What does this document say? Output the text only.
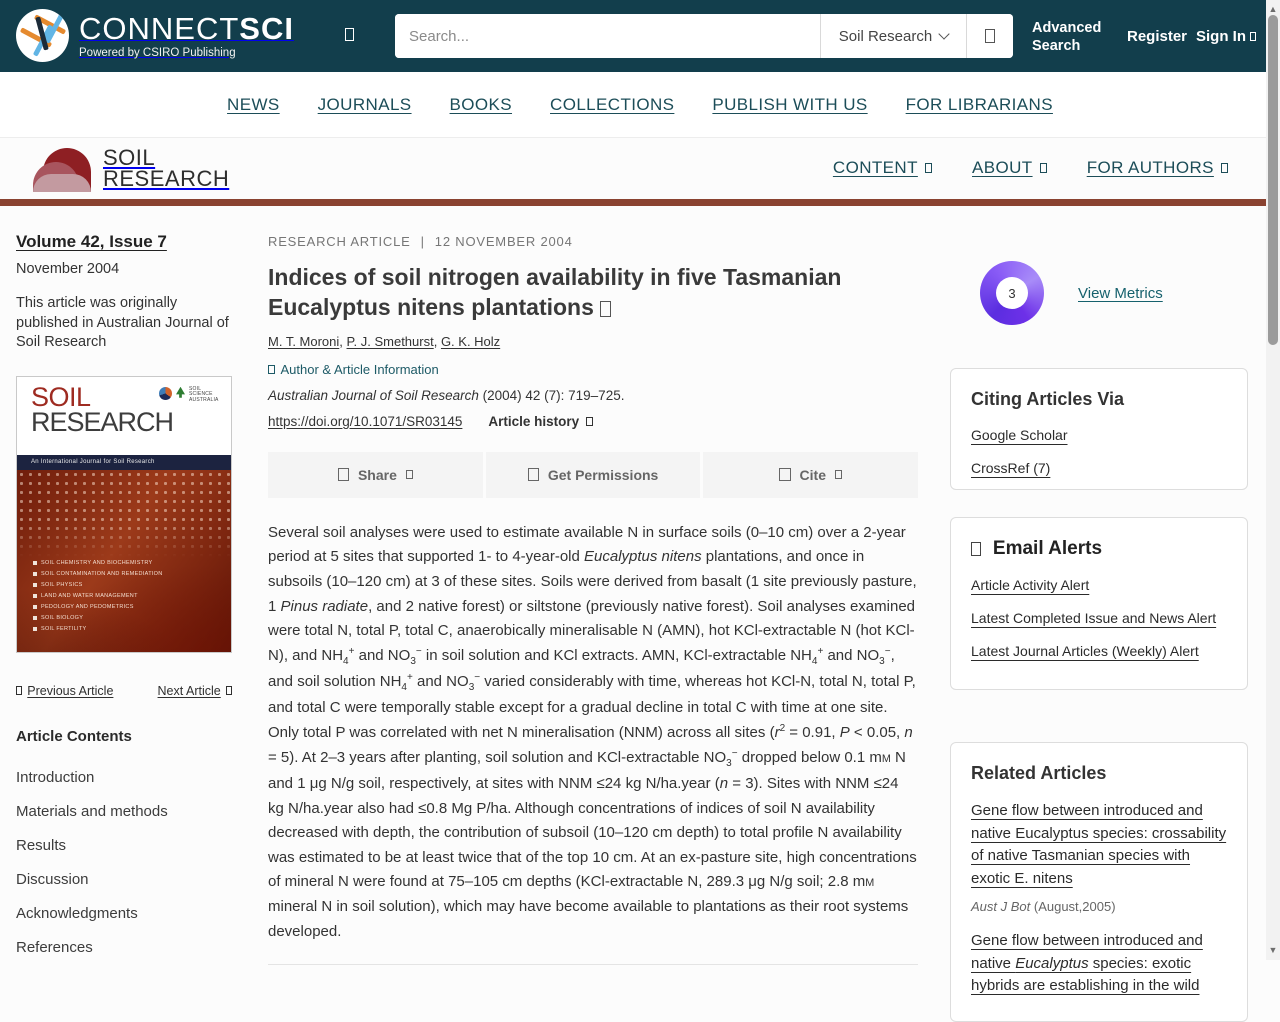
CONNECTSCI
Powered by CSIRO Publishing
Search...
Soil Research	Advanced
Search
Register Sign In
NEWS JOURNALS BOOKS COLLECTIONS PUBLISH WITH US FOR LIBRARIANS
SOIL
RESEARCH	CONTENT	ABOUT	FOR AUTHORS
Volume 42, Issue 7
November 2004
This article was originally published in Australian Journal of Soil Research
SOIL
RESEARCH
SOIL SCIENCE AUSTRALIA
An International Journal for Soil Research
SOIL CHEMISTRY AND BIOCHEMISTRY
SOIL CONTAMINATION AND REMEDIATION
SOIL PHYSICS
LAND AND WATER MANAGEMENT
PEDOLOGY AND PEDOMETRICS
SOIL BIOLOGY
SOIL FERTILITY
Previous Article	Next Article
Article Contents
Introduction
Materials and methods
Results
Discussion
Acknowledgments
References
RESEARCH ARTICLE | 12 NOVEMBER 2004
Indices of soil nitrogen availability in five Tasmanian Eucalyptus nitens plantations
M. T. Moroni, P. J. Smethurst, G. K. Holz
Author & Article Information
Australian Journal of Soil Research (2004) 42 (7): 719–725.
https://doi.org/10.1071/SR03145 Article history
Share	Get Permissions	Cite

Several soil analyses were used to estimate available N in surface soils (0–10 cm) over a 2-year period at 5 sites that supported 1- to 4-year-old Eucalyptus nitens plantations, and once in subsoils (10–120 cm) at 3 of these sites. Soils were derived from basalt (1 site previously pasture, 1 Pinus radiate, and 2 native forest) or siltstone (previously native forest). Soil analyses examined were total N, total P, total C, anaerobically mineralisable N (AMN), hot KCl-extractable N (hot KCl-N), and $NH_4^+$ and $NO_3^-$ in soil solution and KCl extracts. AMN, KCl-extractable $NH_4^+$ and $NO_3^-$, and soil solution $NH_4^+$ and $NO_3^-$ varied considerably with time, whereas hot KCl-N, total N, total P, and total C were temporally stable except for a gradual decline in total C with time at one site. Only total P was correlated with net N mineralisation (NNM) across all sites ($r^2 = 0.91$, P < 0.05, n = 5). At 2–3 years after planting, soil solution and KCl-extractable $NO_3^-$ dropped below 0.1 mM N and 1 μg N/g soil, respectively, at sites with NNM ≤24 kg N/ha.year (n = 3). Sites with NNM ≤24 kg N/ha.year also had ≤0.8 Mg P/ha. Although concentrations of indices of soil N availability decreased with depth, the contribution of subsoil (10–120 cm depth) to total profile N availability was estimated to be at least twice that of the top 10 cm. At an ex-pasture site, high concentrations of mineral N were found at 75–105 cm depths (KCl-extractable N, 289.3 μg N/g soil; 2.8 mM mineral N in soil solution), which may have become available to plantations as their root systems developed.

3	View Metrics
Citing Articles Via
Google Scholar
CrossRef (7)
Email Alerts
Article Activity Alert
Latest Completed Issue and News Alert
Latest Journal Articles (Weekly) Alert
Related Articles
Gene flow between introduced and native Eucalyptus species: crossability of native Tasmanian species with exotic E. nitens
Aust J Bot (August,2005)
Gene flow between introduced and native Eucalyptus species: exotic hybrids are establishing in the wild
▲
▼
